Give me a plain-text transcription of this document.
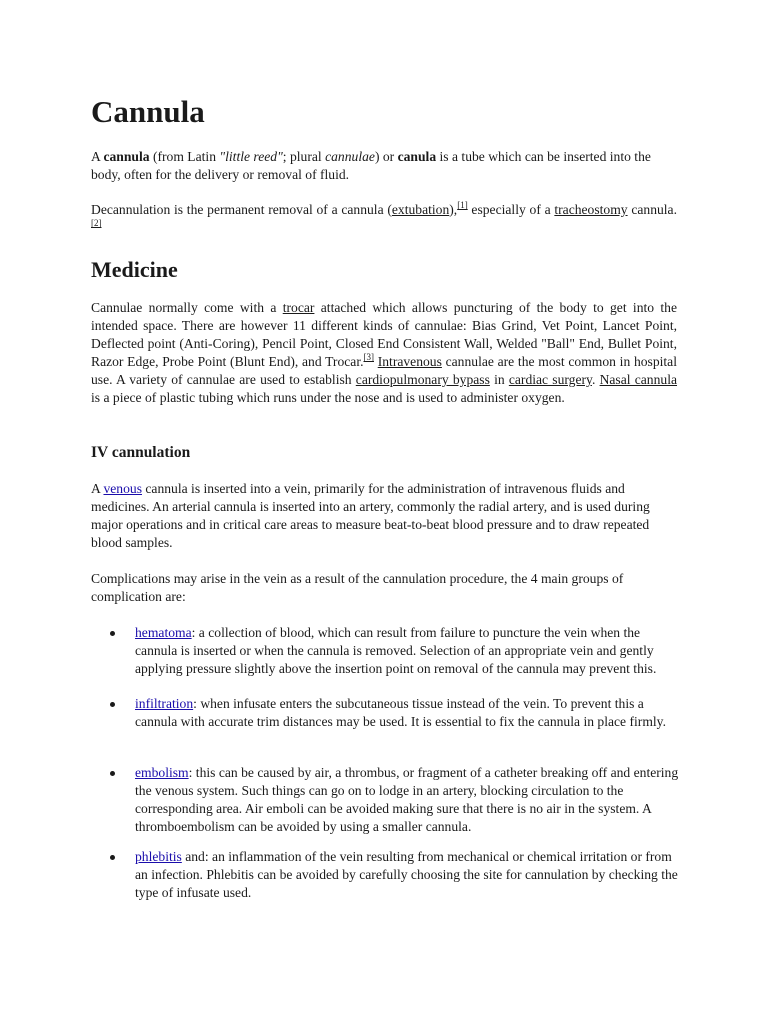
Cannula

A cannula (from Latin "little reed"; plural cannulae) or canula is a tube which can be inserted into the body, often for the delivery or removal of fluid.

Decannulation is the permanent removal of a cannula (extubation),[1] especially of a tracheostomy cannula.[2]

Medicine

Cannulae normally come with a trocar attached which allows puncturing of the body to get into the intended space. There are however 11 different kinds of cannulae: Bias Grind, Vet Point, Lancet Point, Deflected point (Anti-Coring), Pencil Point, Closed End Consistent Wall, Welded "Ball" End, Bullet Point, Razor Edge, Probe Point (Blunt End), and Trocar.[3] Intravenous cannulae are the most common in hospital use. A variety of cannulae are used to establish cardiopulmonary bypass in cardiac surgery. Nasal cannula is a piece of plastic tubing which runs under the nose and is used to administer oxygen.

IV cannulation

A venous cannula is inserted into a vein, primarily for the administration of intravenous fluids and medicines. An arterial cannula is inserted into an artery, commonly the radial artery, and is used during major operations and in critical care areas to measure beat-to-beat blood pressure and to draw repeated blood samples.

Complications may arise in the vein as a result of the cannulation procedure, the 4 main groups of complication are:

hematoma: a collection of blood, which can result from failure to puncture the vein when the cannula is inserted or when the cannula is removed. Selection of an appropriate vein and gently applying pressure slightly above the insertion point on removal of the cannula may prevent this.
infiltration: when infusate enters the subcutaneous tissue instead of the vein. To prevent this a cannula with accurate trim distances may be used. It is essential to fix the cannula in place firmly.
embolism: this can be caused by air, a thrombus, or fragment of a catheter breaking off and entering the venous system. Such things can go on to lodge in an artery, blocking circulation to the corresponding area. Air emboli can be avoided making sure that there is no air in the system. A thromboembolism can be avoided by using a smaller cannula.
phlebitis and: an inflammation of the vein resulting from mechanical or chemical irritation or from an infection. Phlebitis can be avoided by carefully choosing the site for cannulation by checking the type of infusate used.
